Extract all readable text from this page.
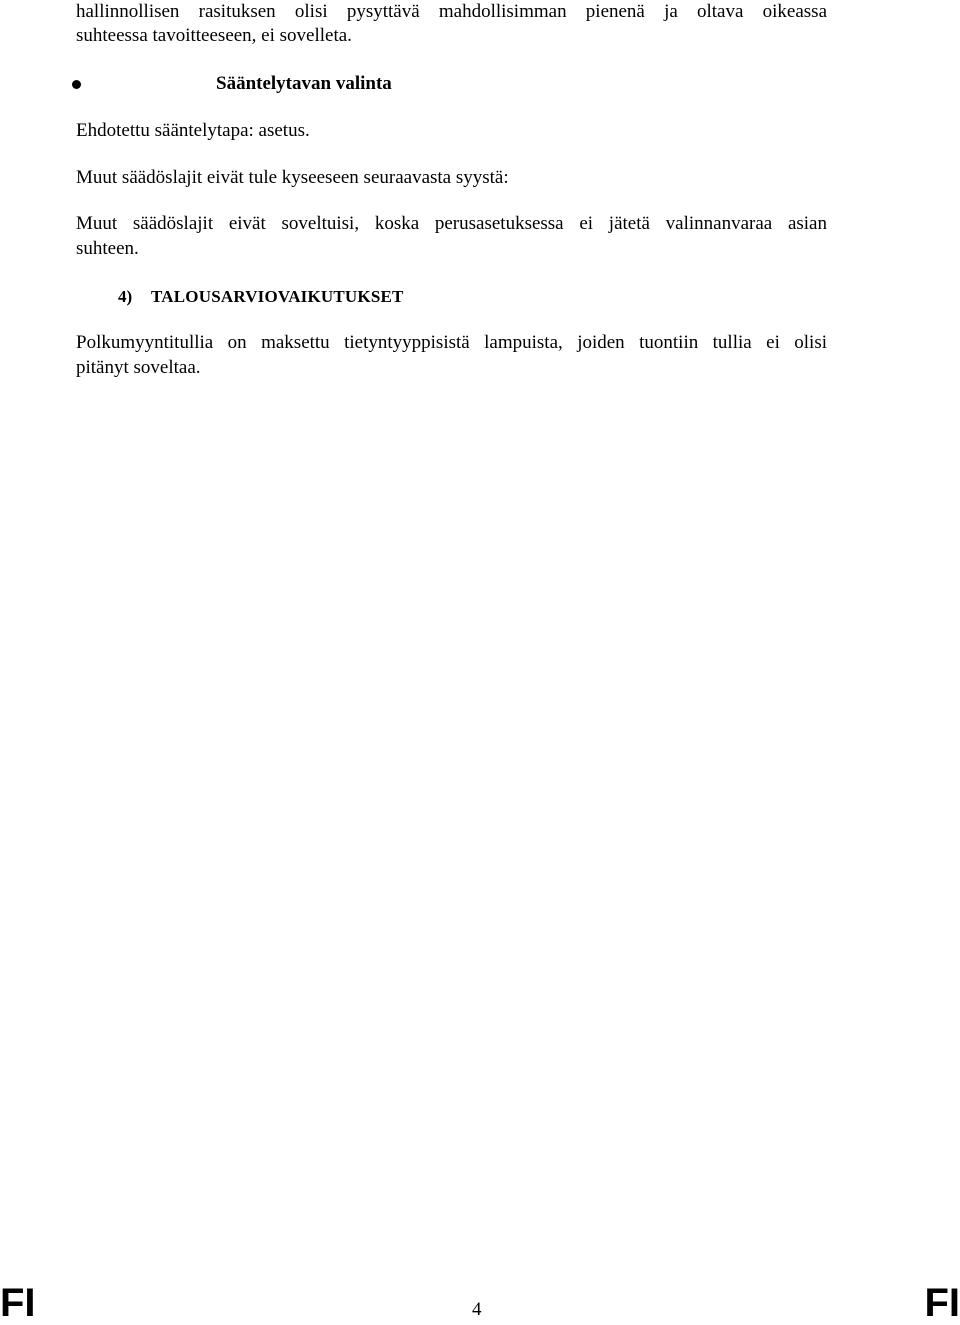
hallinnollisen rasituksen olisi pysyttävä mahdollisimman pienenä ja oltava oikeassa
suhteessa tavoitteeseen, ei sovelleta.
Sääntelytavan valinta
Ehdotettu sääntelytapa: asetus.
Muut säädöslajit eivät tule kyseeseen seuraavasta syystä:
Muut säädöslajit eivät soveltuisi, koska perusasetuksessa ei jätetä valinnanvaraa asian
suhteen.
4) TALOUSARVIOVAIKUTUKSET
Polkumyyntitullia on maksettu tietyntyyppisistä lampuista, joiden tuontiin tullia ei olisi
pitänyt soveltaa.
FI	4	FI
